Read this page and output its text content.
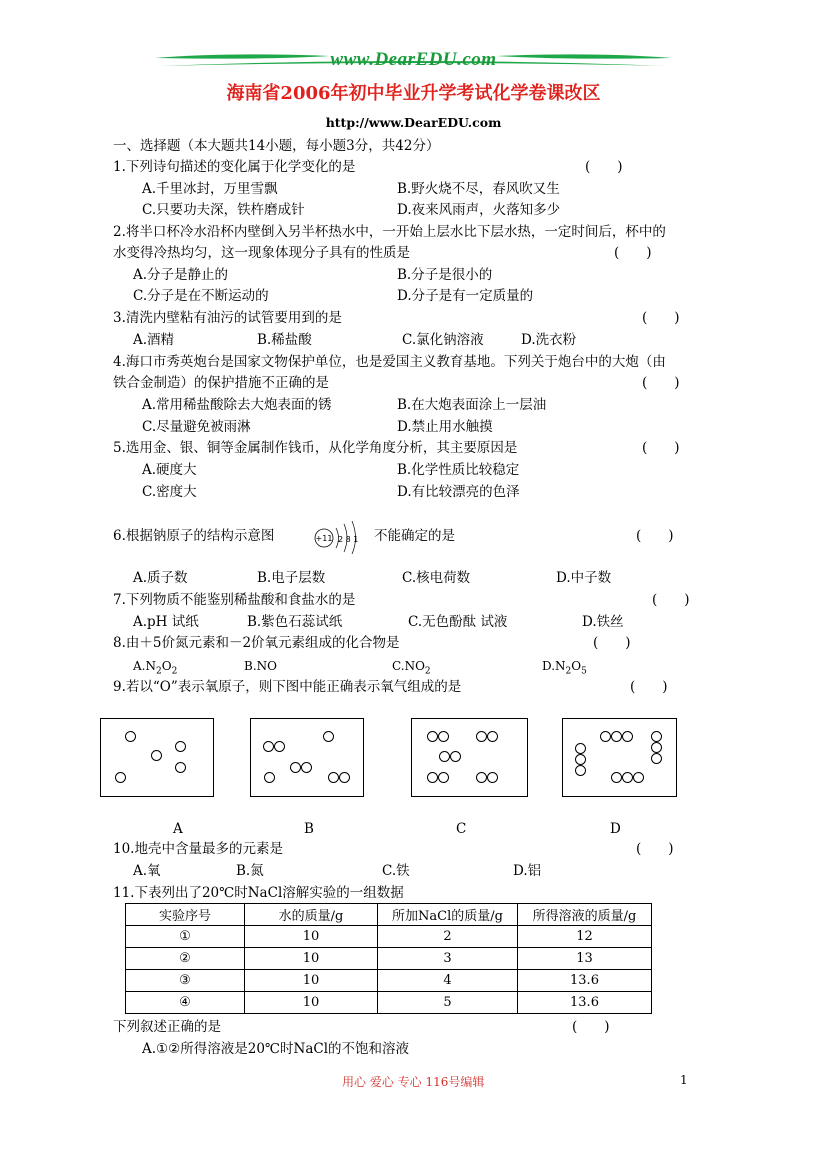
www.DearEDU.com
海南省2006年初中毕业升学考试化学卷课改区
http://www.DearEDU.com
一、选择题（本大题共14小题，每小题3分，共42分）
1.下列诗句描述的变化属于化学变化的是	(　　)
A.千里冰封，万里雪飘	B.野火烧不尽，春风吹又生
C.只要功夫深，铁杵磨成针	D.夜来风雨声，火落知多少
2.将半口杯冷水沿杯内壁倒入另半杯热水中，一开始上层水比下层水热，一定时间后，杯中的
水变得冷热均匀，这一现象体现分子具有的性质是	(　　)
A.分子是静止的	B.分子是很小的
C.分子是在不断运动的	D.分子是有一定质量的
3.清洗内壁粘有油污的试管要用到的是	(　　)
A.酒精	B.稀盐酸	C.氯化钠溶液	D.洗衣粉
4.海口市秀英炮台是国家文物保护单位，也是爱国主义教育基地。下列关于炮台中的大炮（由
铁合金制造）的保护措施不正确的是	(　　)
A.常用稀盐酸除去大炮表面的锈	B.在大炮表面涂上一层油
C.尽量避免被雨淋	D.禁止用水触摸
5.选用金、银、铜等金属制作钱币，从化学角度分析，其主要原因是	(　　)
A.硬度大	B.化学性质比较稳定
C.密度大	D.有比较漂亮的色泽
6.根据钠原子的结构示意图	+11 2 8 1 不能确定的是	(　　)
A.质子数	B.电子层数	C.核电荷数	D.中子数
7.下列物质不能鉴别稀盐酸和食盐水的是	(　　)
A.pH 试纸	B.紫色石蕊试纸	C.无色酚酞 试液	D.铁丝
8.由＋5价氮元素和－2价氧元素组成的化合物是	(　　)
$A.N_2O_2$	B.NO	$C.NO_2$	$D.N_2O_5$
9.若以“O”表示氧原子，则下图中能正确表示氧气组成的是	(　　)
A	B	C	D
10.地壳中含量最多的元素是	(　　)
A.氧	B.氮	C.铁	D.铝
11.下表列出了20℃时NaCl溶解实验的一组数据
实验序号	水的质量/g	所加NaCl的质量/g	所得溶液的质量/g
①	10	2	12
②	10	3	13
③	10	4	13.6
④	10	5	13.6
下列叙述正确的是	(　　)
A.①②所得溶液是20℃时NaCl的不饱和溶液
用心 爱心 专心 116号编辑	1
